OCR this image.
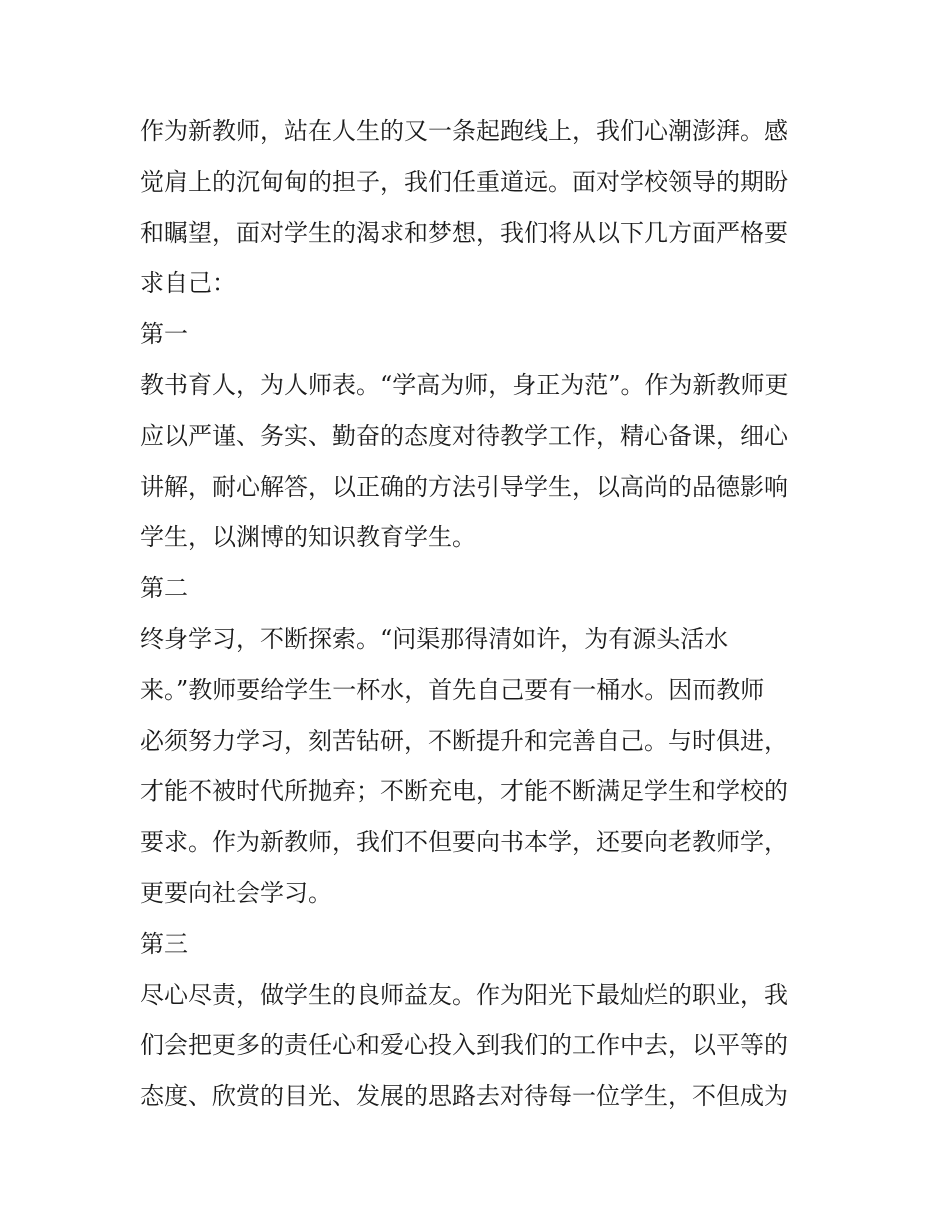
作为新教师，站在人生的又一条起跑线上，我们心潮澎湃。感
觉肩上的沉甸甸的担子，我们任重道远。面对学校领导的期盼
和瞩望，面对学生的渴求和梦想，我们将从以下几方面严格要
求自己：
第一
教书育人，为人师表。“学高为师，身正为范”。作为新教师更
应以严谨、务实、勤奋的态度对待教学工作，精心备课，细心
讲解，耐心解答，以正确的方法引导学生，以高尚的品德影响
学生，以渊博的知识教育学生。
第二
终身学习，不断探索。“问渠那得清如许，为有源头活水
来。”教师要给学生一杯水，首先自己要有一桶水。因而教师
必须努力学习，刻苦钻研，不断提升和完善自己。与时俱进，
才能不被时代所抛弃；不断充电，才能不断满足学生和学校的
要求。作为新教师，我们不但要向书本学，还要向老教师学，
更要向社会学习。
第三
尽心尽责，做学生的良师益友。作为阳光下最灿烂的职业，我
们会把更多的责任心和爱心投入到我们的工作中去，以平等的
态度、欣赏的目光、发展的思路去对待每一位学生，不但成为
